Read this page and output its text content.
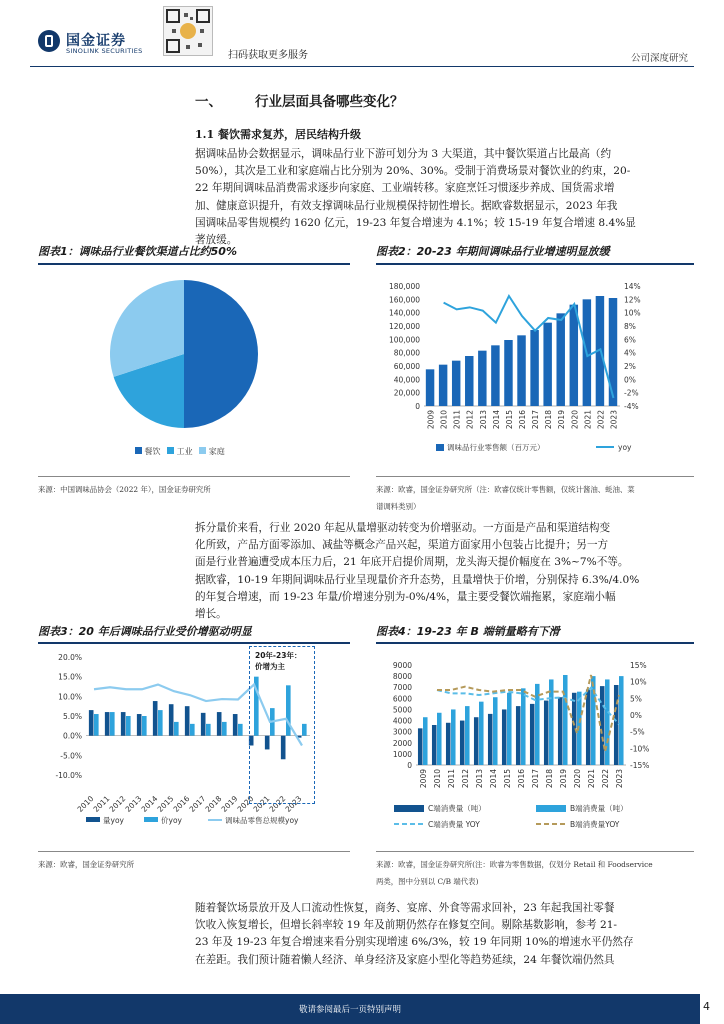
国金证券
SINOLINK SECURITIES	扫码获取更多服务	公司深度研究
一、 行业层面具备哪些变化？
1.1 餐饮需求复苏，居民结构升级
据调味品协会数据显示，调味品行业下游可划分为 3 大渠道，其中餐饮渠道占比最高（约
50%），其次是工业和家庭端占比分别为 20%、30%。受制于消费场景对餐饮业的约束，20-
22 年期间调味品消费需求逐步向家庭、工业端转移。家庭烹饪习惯逐步养成、国货需求增
加、健康意识提升，有效支撑调味品行业规模保持韧性增长。据欧睿数据显示，2023 年我
国调味品零售规模约 1620 亿元，19-23 年复合增速为 4.1%；较 15-19 年复合增速 8.4%显
著放缓。
图表1：调味品行业餐饮渠道占比约50%	图表2：20-23 年期间调味品行业增速明显放缓
餐饮 工业 家庭
180,000
160,000
140,000
120,000
100,000
80,000
60,000
40,000
20,000
0
14%
12%
10%
8%
6%
4%
2%
0%
-2%
-4%
2009 2010 2011 2012 2013 2014 2015 2016 2017 2018 2019 2020 2021 2022 2023
调味品行业零售额（百万元）	yoy
来源：中国调味品协会（2022 年），国金证券研究所	来源：欧睿，国金证券研究所（注：欧睿仅统计零售额，仅统计酱油、蚝油、菜
谱调料类别）
拆分量价来看，行业 2020 年起从量增驱动转变为价增驱动。一方面是产品和渠道结构变
化所致，产品方面零添加、减盐等概念产品兴起，渠道方面家用小包装占比提升；另一方
面是行业普遍遭受成本压力后，21 年底开启提价周期，龙头海天提价幅度在 3%~7%不等。
据欧睿，10-19 年期间调味品行业呈现量价齐升态势，且量增快于价增，分别保持 6.3%/4.0%
的年复合增速，而 19-23 年量/价增速分别为-0%/4%，量主要受餐饮端拖累，家庭端小幅
增长。
图表3：20 年后调味品行业受价增驱动明显	图表4：19-23 年 B 端销量略有下滑
20.0%
15.0%
10.0%
5.0%
0.0%
-5.0%
-10.0%
2010
2011
2012
2013
2014
2015
2016
2017
2018
2019
2020
2021
2022
2023
量yoy	价yoy	调味品零售总规模yoy
20年-23年：
价增为主	9000
8000
7000
6000
5000
4000
3000
2000
1000
0
15%
10%
5%
0%
-5%
-10%
-15%
2009 2010 2011 2012 2013 2014 2015 2016 2017 2018 2019 2020 2021 2022 2023
C端消费量（吨）	B端消费量（吨）
C端消费量 YOY	B端消费量YOY
来源：欧睿，国金证券研究所	来源：欧睿，国金证券研究所(注：欧睿为零售数据，仅划分 Retail 和 Foodservice
两类，图中分别以 C/B 端代表)
随着餐饮场景放开及人口流动性恢复，商务、宴席、外食等需求回补，23 年起我国社零餐
饮收入恢复增长，但增长斜率较 19 年及前期仍然存在修复空间。剔除基数影响，参考 21-
23 年及 19-23 年复合增速来看分别实现增速 6%/3%，较 19 年同期 10%的增速水平仍然存
在差距。我们预计随着懒人经济、单身经济及家庭小型化等趋势延续，24 年餐饮端仍然具
敬请参阅最后一页特别声明	4
